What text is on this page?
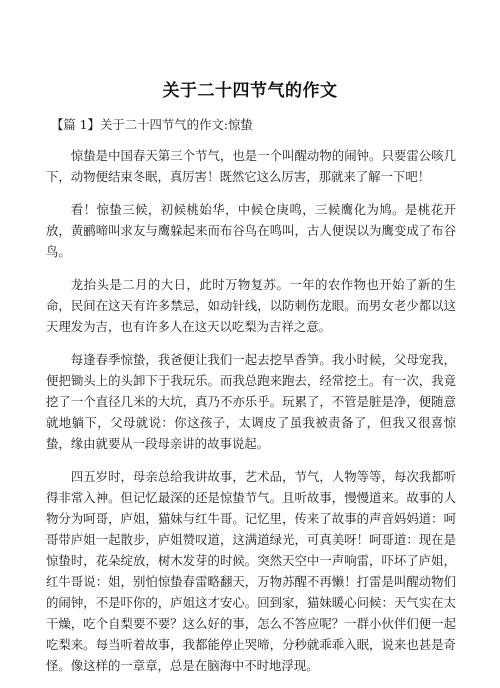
关于二十四节气的作文

【篇 1】关于二十四节气的作文:惊蛰

惊蛰是中国春天第三个节气，也是一个叫醒动物的闹钟。只要雷公咳几下，动物便结束冬眠，真厉害！既然它这么厉害，那就来了解一下吧！

看！惊蛰三候，初候桃始华，中候仓庚鸣，三候鹰化为鸠。是桃花开放，黄鹂啼叫求友与鹰躲起来而布谷鸟在鸣叫，古人便误以为鹰变成了布谷鸟。

龙抬头是二月的大日，此时万物复苏。一年的农作物也开始了新的生命，民间在这天有许多禁忌，如动针线，以防刺伤龙眼。而男女老少都以这天理发为吉，也有许多人在这天以吃梨为吉祥之意。

每逢春季惊蛰，我爸便让我们一起去挖旱香笋。我小时候，父母宠我，便把锄头上的头卸下于我玩乐。而我总跑来跑去，经常挖土。有一次，我竟挖了一个直径几米的大坑，真乃不亦乐乎。玩累了，不管是脏是净，便随意就地躺下，父母就说：你这孩子，太调皮了虽我被责备了，但我又很喜惊蛰，缘由就要从一段母亲讲的故事说起。

四五岁时，母亲总给我讲故事，艺术品，节气，人物等等，每次我都听得非常入神。但记忆最深的还是惊蛰节气。且听故事，慢慢道来。故事的人物分为呵哥，庐姐，猫妹与红牛哥。记忆里，传来了故事的声音妈妈道：呵哥带庐姐一起散步，庐姐赞叹道，这满道绿光，可真美呀！呵哥道：现在是惊蛰时，花朵绽放，树木发芽的时候。突然天空中一声响雷，吓坏了庐姐，红牛哥说：姐，别怕惊蛰春雷略翻天，万物苏醒不再懒！打雷是叫醒动物们的闹钟，不是吓你的，庐姐这才安心。回到家，猫妹暖心问候：天气实在太干燥，吃个自梨要不要？这么好的事，怎么不答应呢？一群小伙伴们便一起吃梨来。每当听着故事，我都能停止哭啼，分秒就乖乖入眠，说来也甚是奇怪。像这样的一章章，总是在脑海中不时地浮现。
